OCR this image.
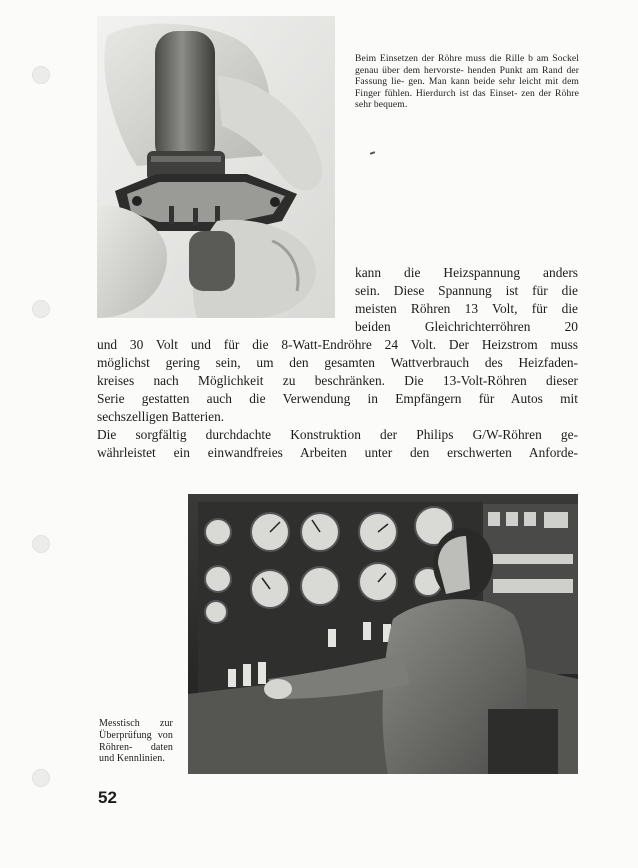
Beim Einsetzen der Röhre muss die Rille b am Sockel genau über dem hervorste- henden Punkt am Rand der Fassung lie- gen. Man kann beide sehr leicht mit dem Finger fühlen. Hierdurch ist das Einset- zen der Röhre sehr bequem.
kann die Heizspannung anders
sein. Diese Spannung ist für die
meisten Röhren 13 Volt, für die
beiden Gleichrichterröhren 20
und 30 Volt und für die 8-Watt-Endröhre 24 Volt. Der Heizstrom muss
möglichst gering sein, um den gesamten Wattverbrauch des Heizfaden-
kreises nach Möglichkeit zu beschränken. Die 13-Volt-Röhren dieser
Serie gestatten auch die Verwendung in Empfängern für Autos mit
sechszelligen Batterien.
Die sorgfältig durchdachte Konstruktion der Philips G/W-Röhren ge-
währleistet ein einwandfreies Arbeiten unter den erschwerten Anforde-
Messtisch zur Überprüfung von Röhren- daten und Kennlinien.
52
